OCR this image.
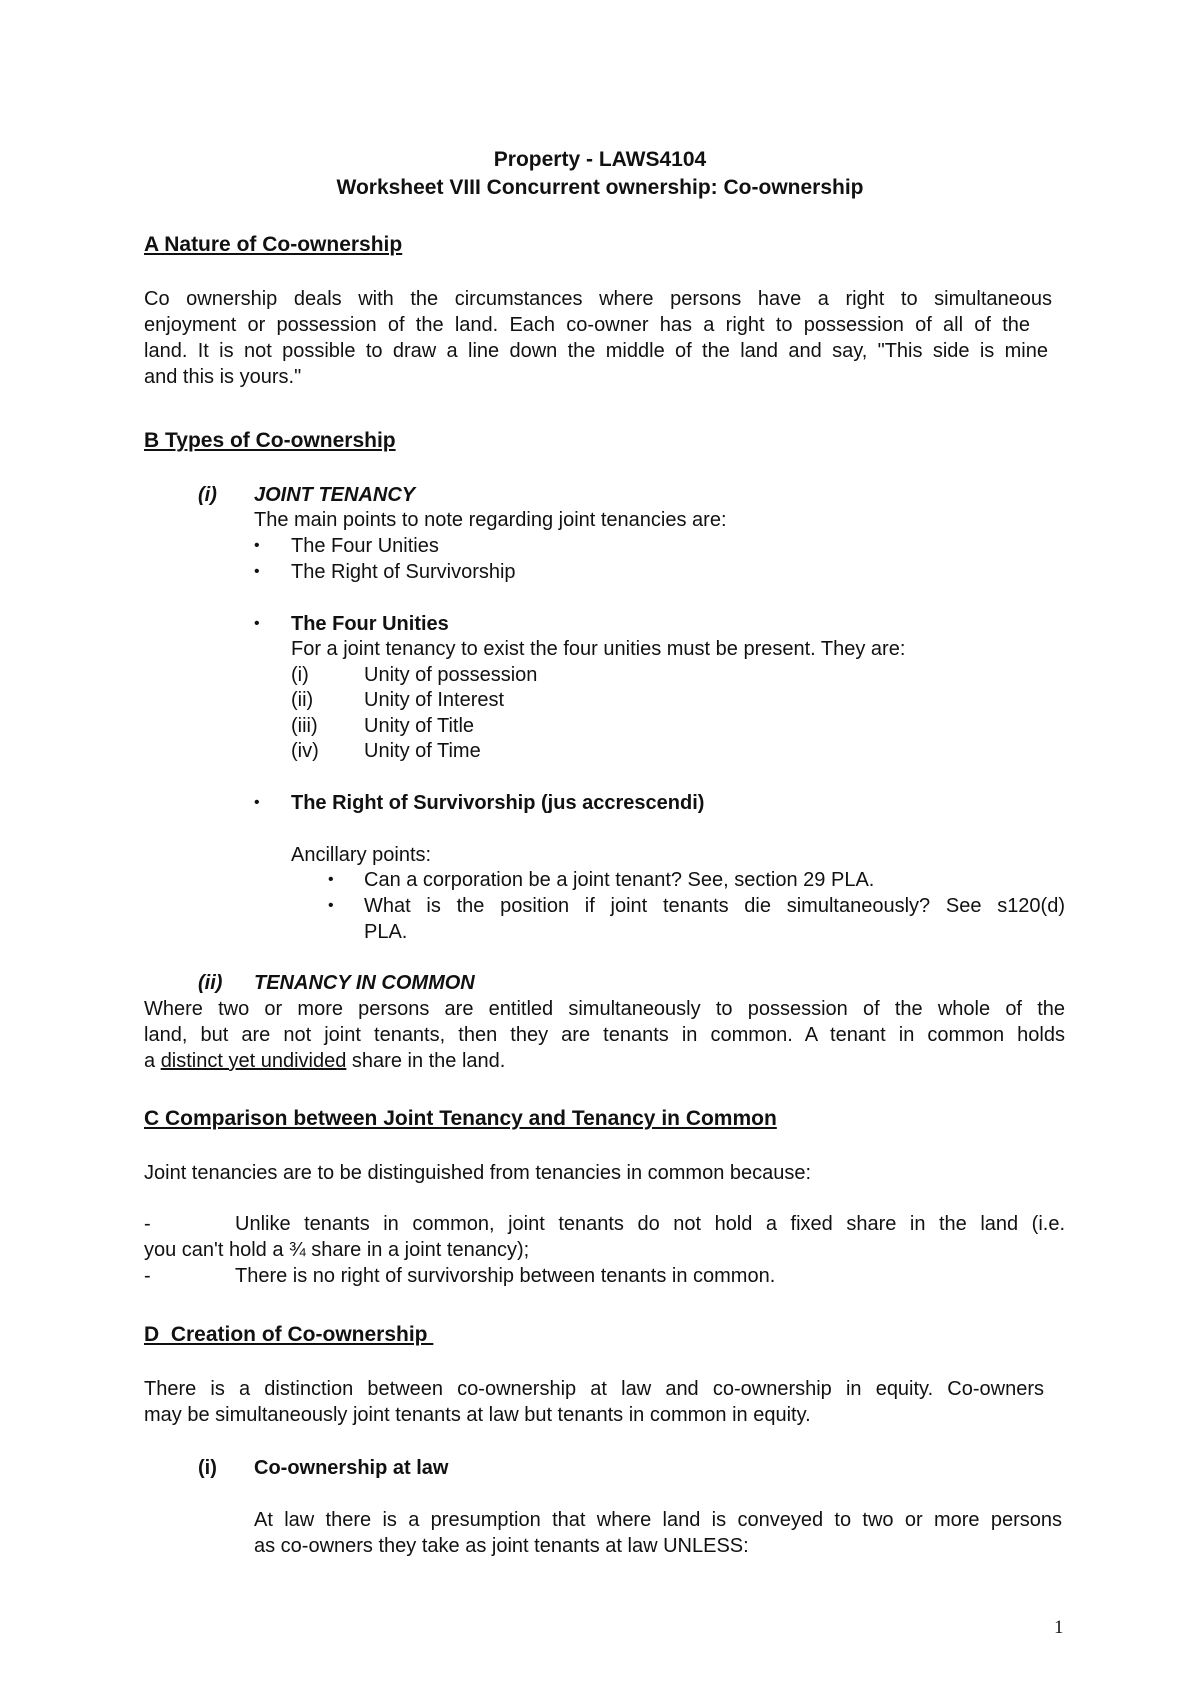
Property - LAWS4104
Worksheet VIII Concurrent ownership: Co-ownership
A Nature of Co-ownership
Co ownership deals with the circumstances where persons have a right to simultaneous
enjoyment or possession of the land. Each co-owner has a right to possession of all of the
land. It is not possible to draw a line down the middle of the land and say, "This side is mine
and this is yours."
B Types of Co-ownership
(i) JOINT TENANCY
The main points to note regarding joint tenancies are:
• The Four Unities
• The Right of Survivorship
• The Four Unities
For a joint tenancy to exist the four unities must be present. They are:
(i)	Unity of possession
(ii)	Unity of Interest
(iii) Unity of Title
(iv) Unity of Time
• The Right of Survivorship (jus accrescendi)
Ancillary points:
• Can a corporation be a joint tenant? See, section 29 PLA.
• What is the position if joint tenants die simultaneously? See s120(d)
PLA.
(ii) TENANCY IN COMMON
Where two or more persons are entitled simultaneously to possession of the whole of the
land, but are not joint tenants, then they are tenants in common. A tenant in common holds
a distinct yet undivided share in the land.
C Comparison between Joint Tenancy and Tenancy in Common
Joint tenancies are to be distinguished from tenancies in common because:
-	Unlike tenants in common, joint tenants do not hold a fixed share in the land (i.e.
you can't hold a ¾ share in a joint tenancy);
-	There is no right of survivorship between tenants in common.
D  Creation of Co-ownership
There is a distinction between co-ownership at law and co-ownership in equity. Co-owners
may be simultaneously joint tenants at law but tenants in common in equity.
(i) Co-ownership at law
At law there is a presumption that where land is conveyed to two or more persons
as co-owners they take as joint tenants at law UNLESS:
1
